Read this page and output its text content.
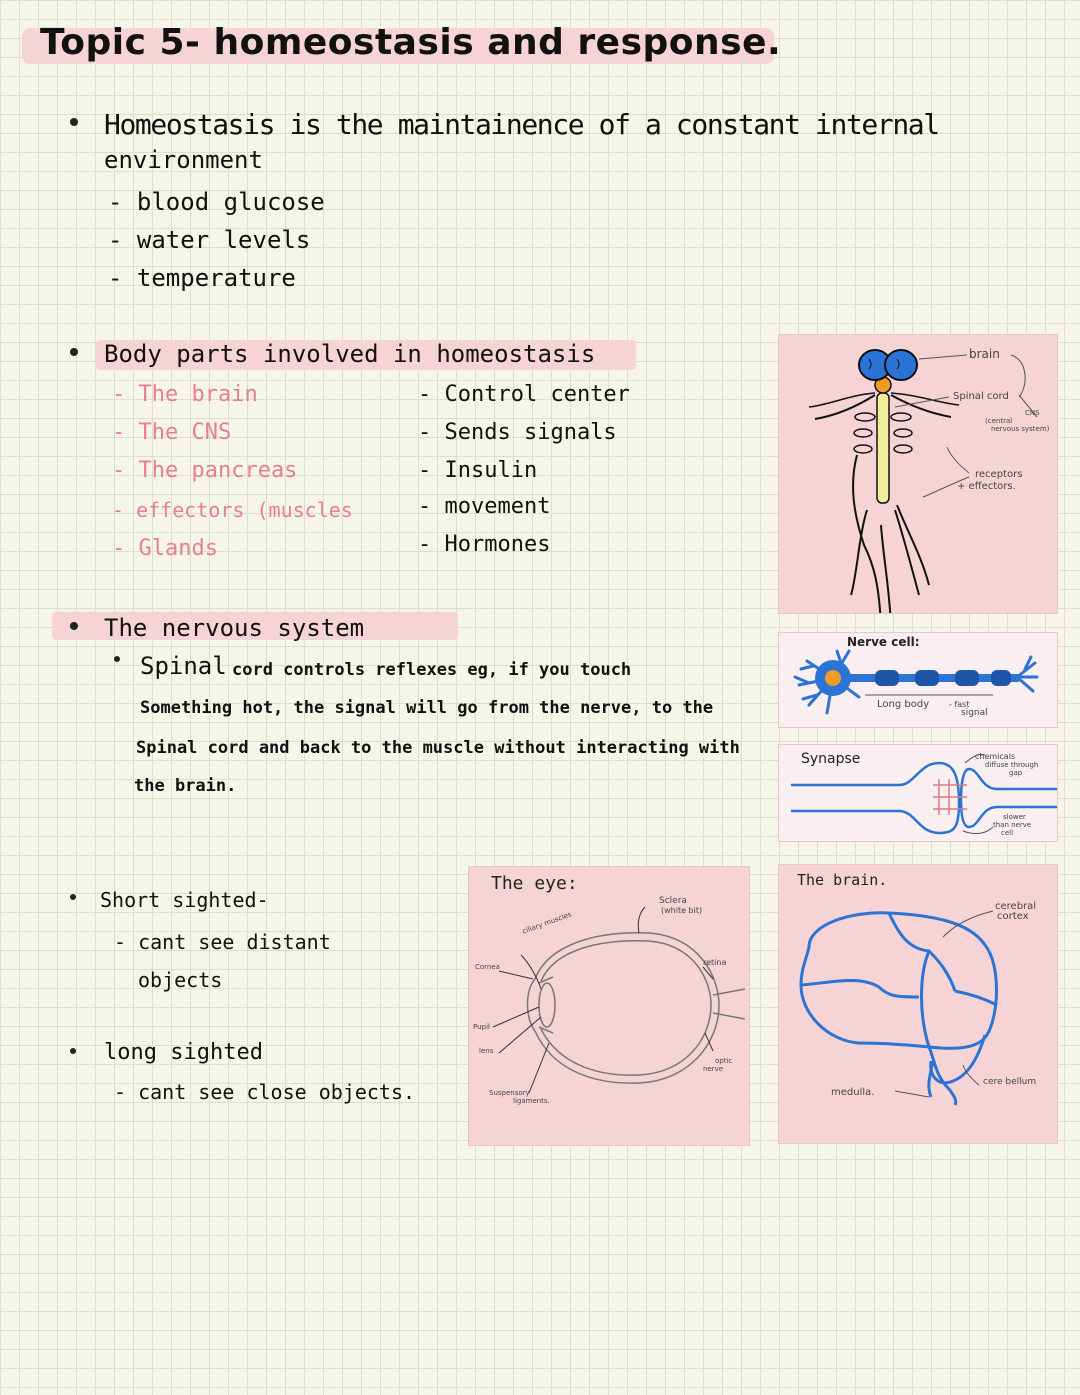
Topic 5- homeostasis and response.
Homeostasis is the maintainence of a constant internal
environment
- blood glucose
- water levels
- temperature
Body parts involved in homeostasis
- The brain
- The CNS
- The pancreas
- effectors (muscles
- Glands
- Control center
- Sends signals
- Insulin
- movement
- Hormones
The nervous system
Spinal cord controls reflexes eg, if you touch
Something hot, the signal will go from the nerve, to the
Spinal cord and back to the muscle without interacting with
the brain.
Short sighted-
- cant see distant
objects
long sighted
- cant see close objects.
brain
Spinal cord
CNS
(central
nervous system)
receptors
+ effectors.
Nerve cell:
Long body - fast
signal
Synapse	chemicals
diffuse through
gap
slower
than nerve
cell
The eye:
ciliary muscles
Sclera
(white bit)
Cornea	retina
Pupil
lens
optic
nerve
Suspensory
ligaments.
The brain.
cerebral
cortex
medulla.
cere bellum
